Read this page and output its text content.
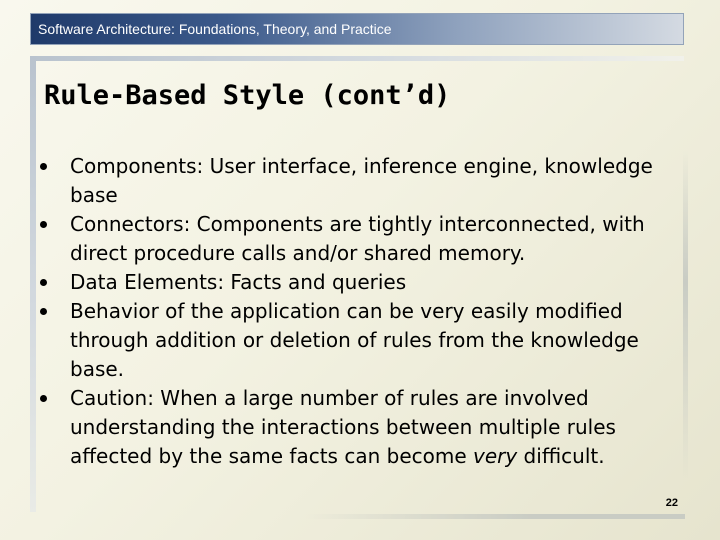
Software Architecture: Foundations, Theory, and Practice
Rule-Based Style (cont’d)
Components: User interface, inference engine, knowledge base
Connectors: Components are tightly interconnected, with direct procedure calls and/or shared memory.
Data Elements: Facts and queries
Behavior of the application can be very easily modified through addition or deletion of rules from the knowledge base.
Caution: When a large number of rules are involved understanding the interactions between multiple rules affected by the same facts can become very difficult.
22
